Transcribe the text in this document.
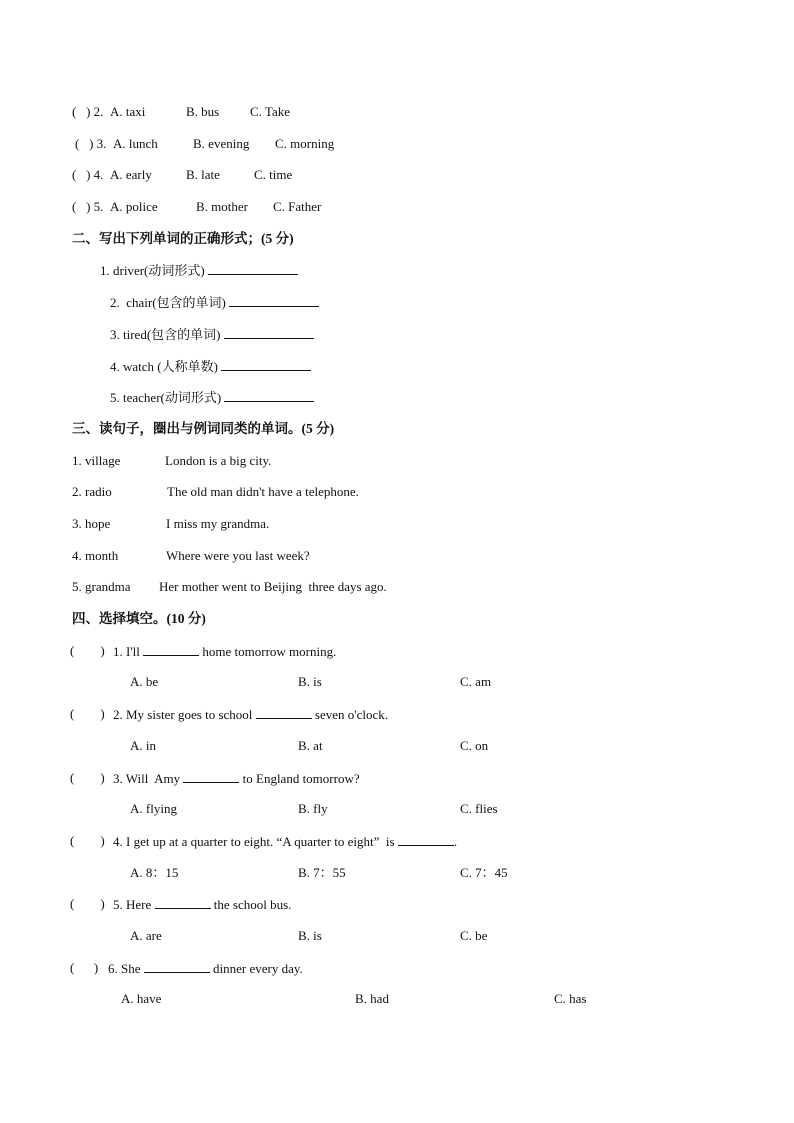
(   ) 2. A. taxi	B. bus C. Take
(   ) 3. A. lunch	B. evening C. morning
(   ) 4. A. early	B. late	C. time
(   ) 5. A. police	B. mother C. Father
二、写出下列单词的正确形式；(5 分)
1. driver(动词形式)
2.  chair(包含的单词)
3. tired(包含的单词)
4. watch (人称单数)
5. teacher(动词形式)
三、读句子，圈出与例词同类的单词。(5 分)
1. village	London is a big city.
2. radio	The old man didn't have a telephone.
3. hope	I miss my grandma.
4. month	Where were you last week?
5. grandma Her mother went to Beijing  three days ago.
四、选择填空。(10 分)
(        ) 1. I'll	home tomorrow morning.
A. be	B. is	C. am
(        ) 2. My sister goes to school	seven o'clock.
A. in	B. at	C. on
(        ) 3. Will  Amy	to England tomorrow?
A. flying	B. fly	C. flies
(        ) 4. I get up at a quarter to eight. “A quarter to eight”  is	.
A. 8：15	B. 7：55	C. 7：45
(        ) 5. Here	the school bus.
A. are	B. is	C. be
(      ) 6. She	dinner every day.
A. have	B. had	C. has
